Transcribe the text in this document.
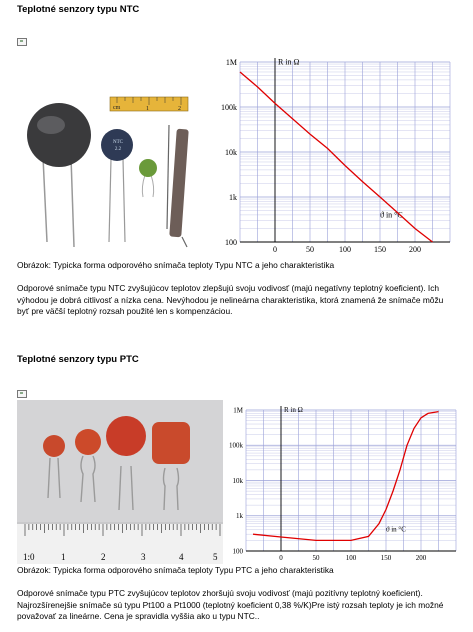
Teplotné senzory typu NTC
cm	1	2
NTC
2.2
R in Ω
ϑ in °C
100
1k
10k
100k
1M
0	50	100	150	200
Obrázok: Typicka forma odporového snímača teploty Typu NTC a jeho charakteristika
Odporové snímače typu NTC zvyšujúcov teplotov zlepšujú svoju vodivosť (majú negatívny teplotný koeficient). Ich výhodou je dobrá citlivosť a nízka cena. Nevýhodou je nelineárna charakteristika, ktorá znamená že snímače môžu byť pre väčší teplotný rozsah použité len s kompenzáciou.
Teplotné senzory typu PTC
1:0	1	2	3	4	5
R in Ω
ϑ in °C
100
1k
10k
100k
1M
0	50	100	150	200
Obrázok: Typicka forma odporového snímača teploty Typu PTC a jeho charakteristika
Odporové snímače typu PTC zvyšujúcov teplotov zhoršujú svoju vodivosť (majú pozitívny teplotný koeficient). Najrozšírenejšie snímače sú typu Pt100 a Pt1000 (teplotný koeficient 0,38 %/K)Pre istý rozsah teploty je ich možné považovať za lineárne. Cena je spravidla vyššia ako u typu NTC..
